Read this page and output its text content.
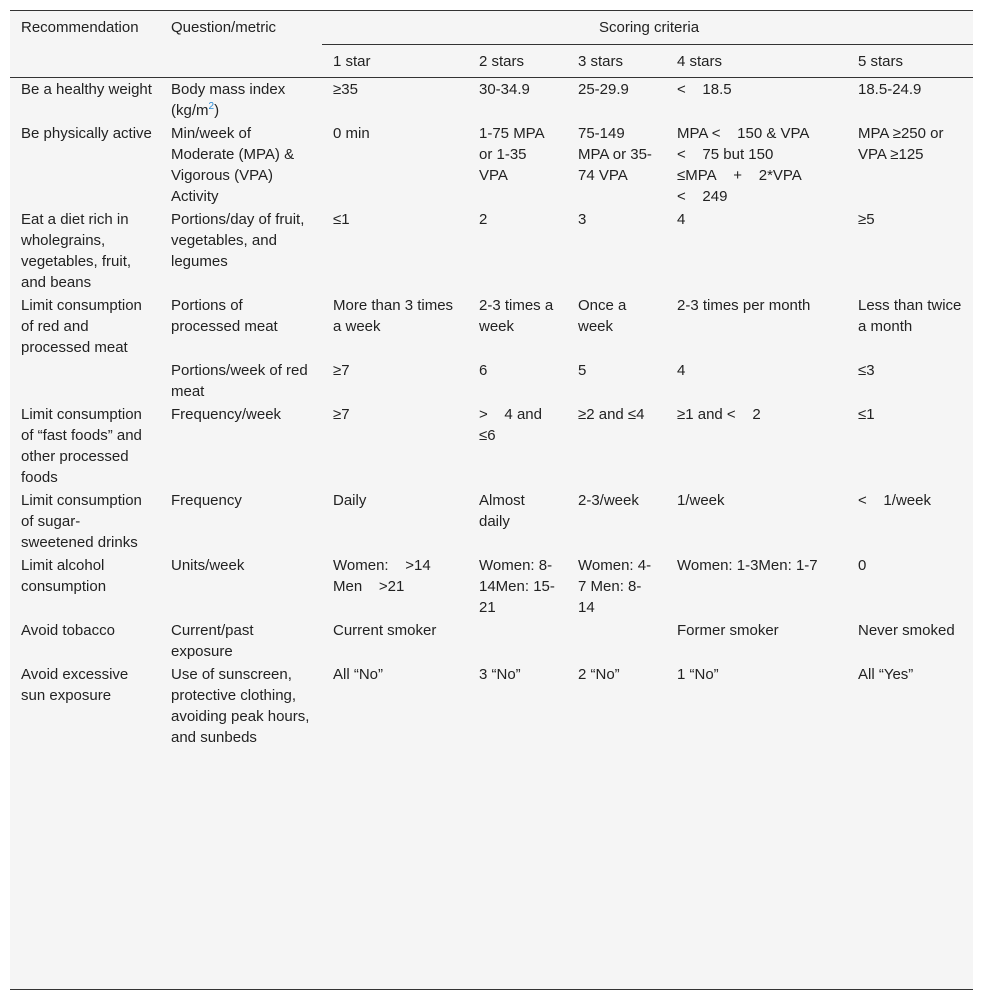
Recommendation	Question/metric	Scoring criteria				
		1 star	2 stars	3 stars	4 stars	5 stars
Be a healthy weight	Body mass index $(kg/m^2)$	≥35	30-34.9	25-29.9	<    18.5	18.5-24.9
Be physically active	Min/week of Moderate (MPA) & Vigorous (VPA) Activity	0 min	1-75 MPA or 1-35 VPA	75-149 MPA or 35-74 VPA	MPA <    150 & VPA <    75 but 150 ≤MPA    +    2*VPA <    249	MPA ≥250 or VPA ≥125
Eat a diet rich in wholegrains, vegetables, fruit, and beans	Portions/day of fruit, vegetables, and legumes	≤1	2	3	4	≥5
Limit consumption of red and processed meat	Portions of processed meat	More than 3 times a week	2-3 times a week	Once a week	2-3 times per month	Less than twice a month
	Portions/week of red meat	≥7	6	5	4	≤3
Limit consumption of “fast foods” and other processed foods	Frequency/week	≥7	>    4 and ≤6	≥2 and ≤4	≥1 and <    2	≤1
Limit consumption of sugar-sweetened drinks	Frequency	Daily	Almost daily	2-3/week	1/week	<    1/week
Limit alcohol consumption	Units/week	Women:    >14 Men    >21	Women: 8-14Men: 15-21	Women: 4-7 Men: 8-14	Women: 1-3Men: 1-7	0
Avoid tobacco	Current/past exposure	Current smoker			Former smoker	Never smoked
Avoid excessive sun exposure	Use of sunscreen, protective clothing, avoiding peak hours, and sunbeds	All “No”	3 “No”	2 “No”	1 “No”	All “Yes”
